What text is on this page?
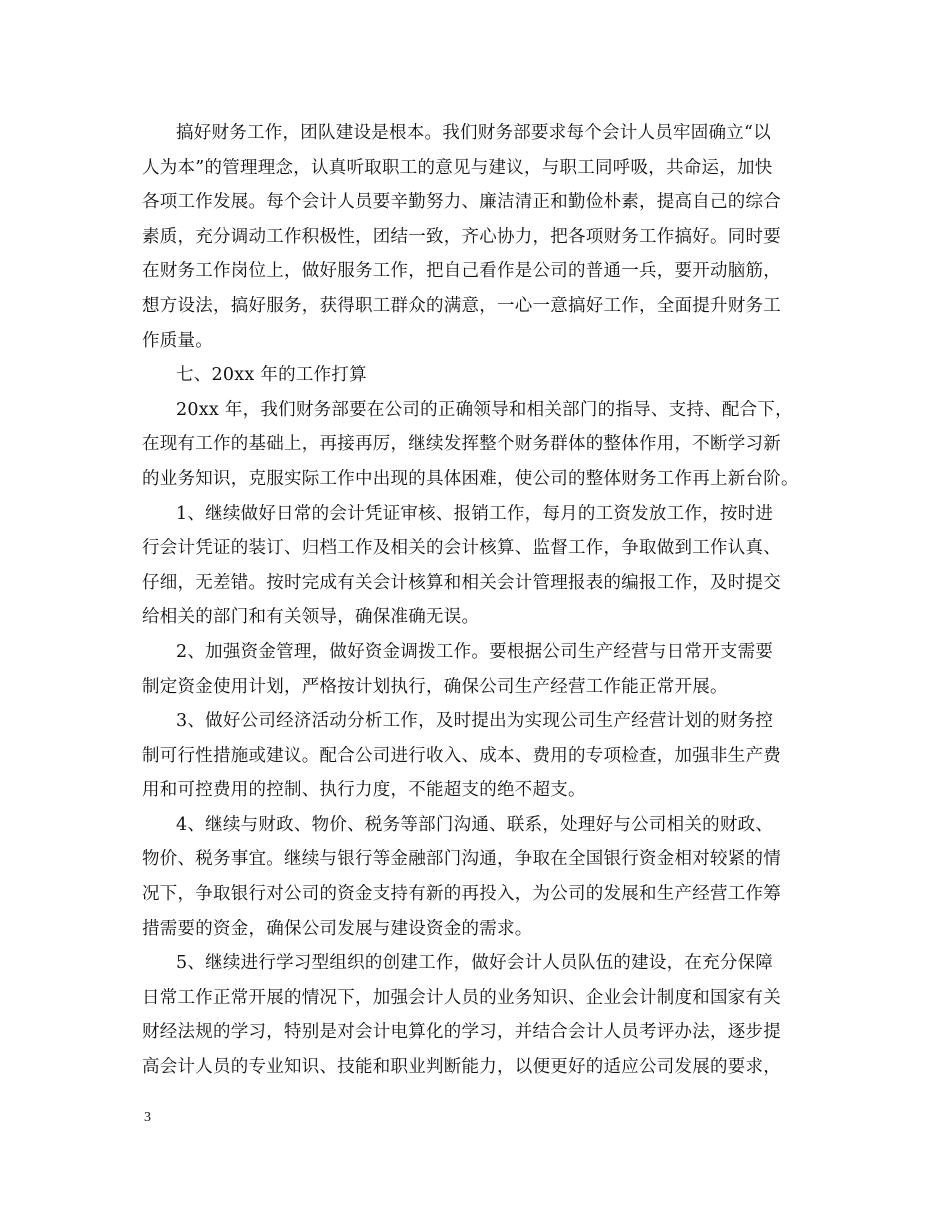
搞好财务工作，团队建设是根本。我们财务部要求每个会计人员牢固确立“以
人为本”的管理理念，认真听取职工的意见与建议，与职工同呼吸，共命运，加快
各项工作发展。每个会计人员要辛勤努力、廉洁清正和勤俭朴素，提高自己的综合
素质，充分调动工作积极性，团结一致，齐心协力，把各项财务工作搞好。同时要
在财务工作岗位上，做好服务工作，把自己看作是公司的普通一兵，要开动脑筋，
想方设法，搞好服务，获得职工群众的满意，一心一意搞好工作，全面提升财务工
作质量。
七、20xx 年的工作打算
20xx 年，我们财务部要在公司的正确领导和相关部门的指导、支持、配合下，
在现有工作的基础上，再接再厉，继续发挥整个财务群体的整体作用，不断学习新
的业务知识，克服实际工作中出现的具体困难，使公司的整体财务工作再上新台阶。
1、继续做好日常的会计凭证审核、报销工作，每月的工资发放工作，按时进
行会计凭证的装订、归档工作及相关的会计核算、监督工作，争取做到工作认真、
仔细，无差错。按时完成有关会计核算和相关会计管理报表的编报工作，及时提交
给相关的部门和有关领导，确保准确无误。
2、加强资金管理，做好资金调拨工作。要根据公司生产经营与日常开支需要
制定资金使用计划，严格按计划执行，确保公司生产经营工作能正常开展。
3、做好公司经济活动分析工作，及时提出为实现公司生产经营计划的财务控
制可行性措施或建议。配合公司进行收入、成本、费用的专项检查，加强非生产费
用和可控费用的控制、执行力度，不能超支的绝不超支。
4、继续与财政、物价、税务等部门沟通、联系，处理好与公司相关的财政、
物价、税务事宜。继续与银行等金融部门沟通，争取在全国银行资金相对较紧的情
况下，争取银行对公司的资金支持有新的再投入，为公司的发展和生产经营工作筹
措需要的资金，确保公司发展与建设资金的需求。
5、继续进行学习型组织的创建工作，做好会计人员队伍的建设，在充分保障
日常工作正常开展的情况下，加强会计人员的业务知识、企业会计制度和国家有关
财经法规的学习，特别是对会计电算化的学习，并结合会计人员考评办法，逐步提
高会计人员的专业知识、技能和职业判断能力，以便更好的适应公司发展的要求，
3
